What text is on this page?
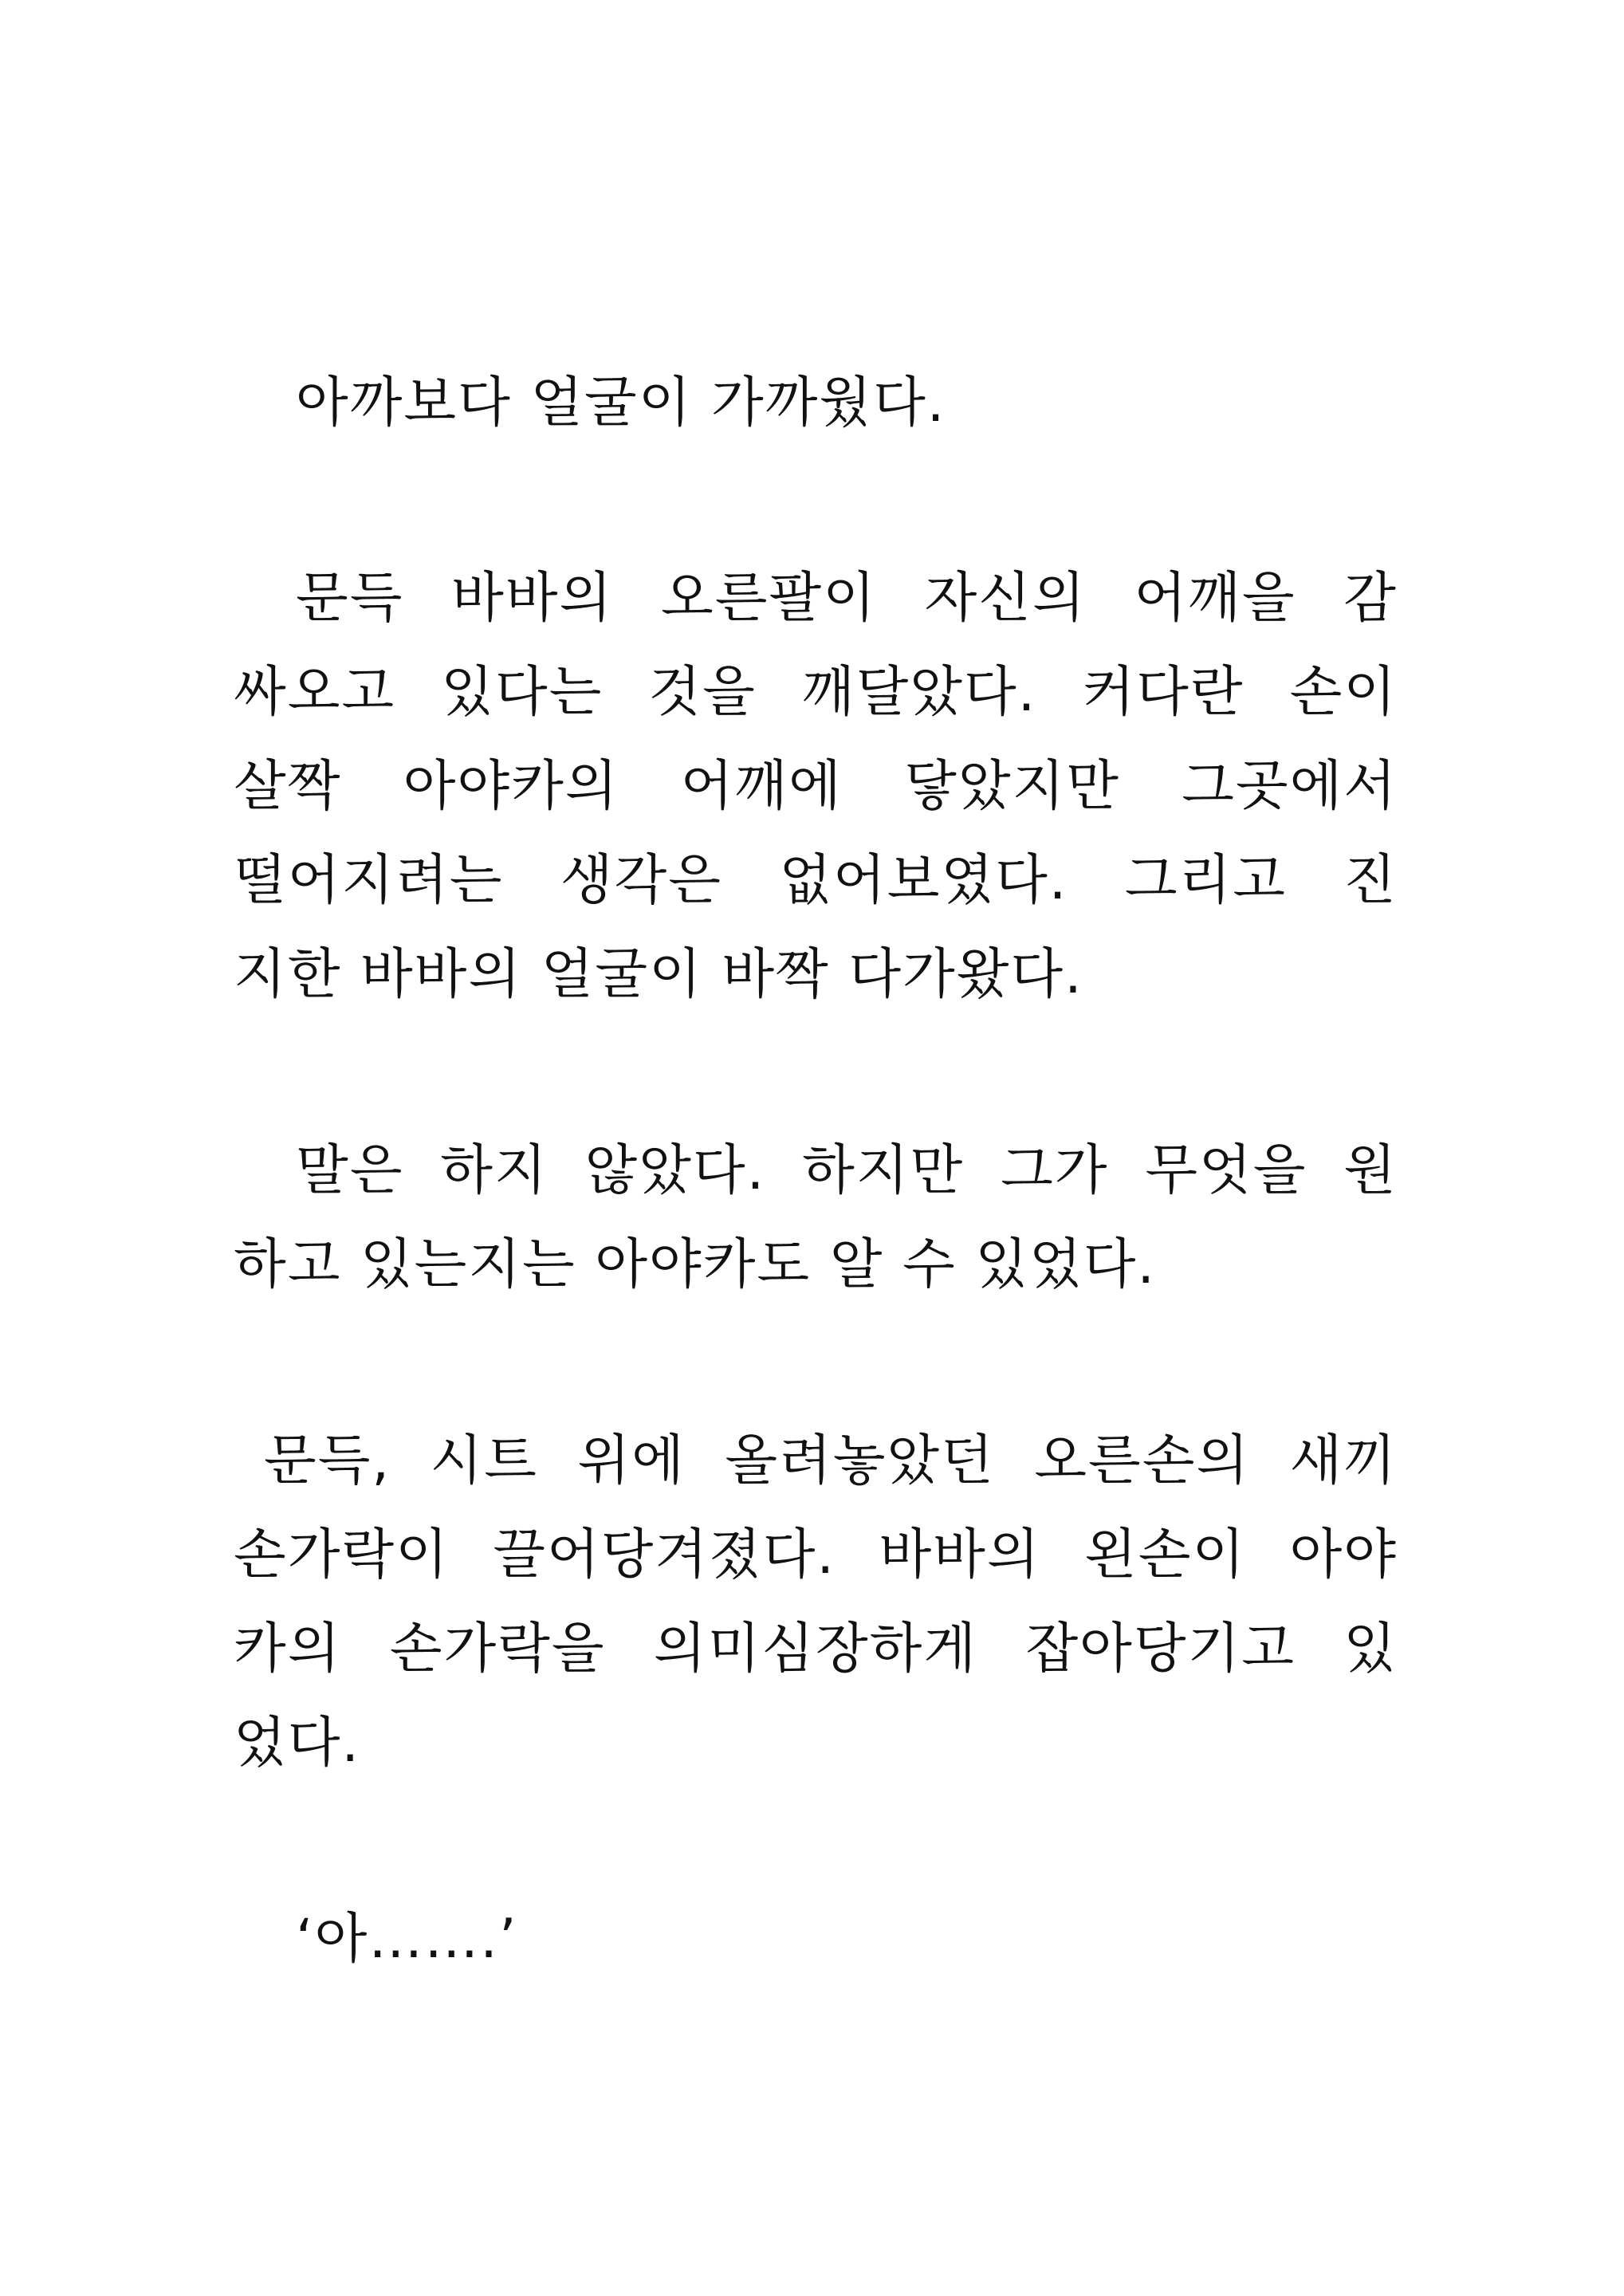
아까보다 얼굴이 가까웠다.
문득 바바의 오른팔이 자신의 어깨을 감
싸오고 있다는 것을 깨달았다. 커다란 손이
살짝 아야카의 어깨에 닿았지만 그곳에서
떨어지려는 생각은 없어보였다. 그리고 진
지한 바바의 얼굴이 바짝 다가왔다.
말은 하지 않았다. 하지만 그가 무엇을 원
하고 있는지는 아야카도 알 수 있었다.
문득, 시트 위에 올려놓았던 오른손의 새끼
손가락이 끌어당겨졌다. 바바의 왼손이 아야
카의 손가락을 의미심장하게 잡아당기고 있
었다.
‘아…….’
